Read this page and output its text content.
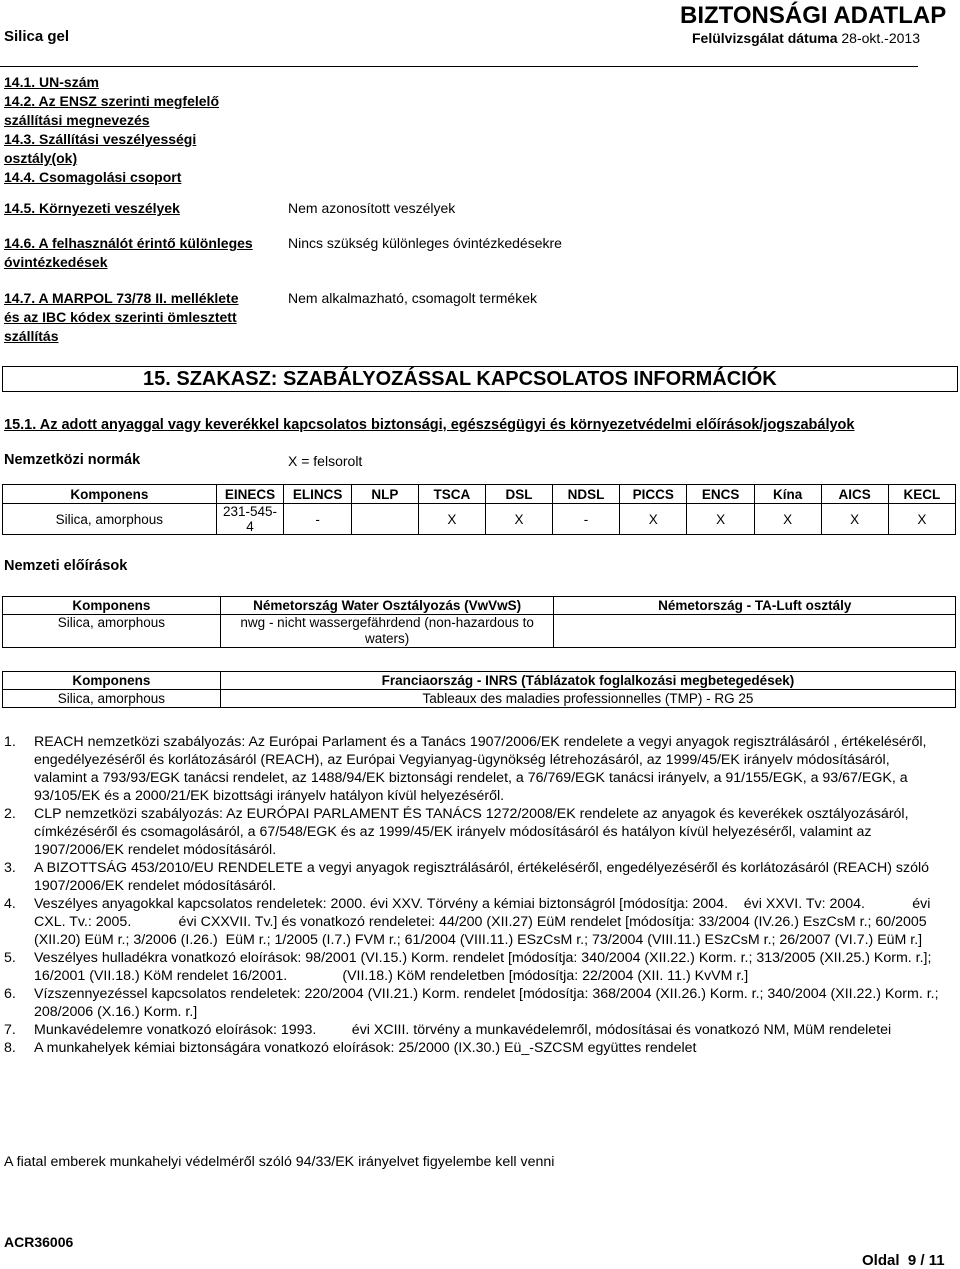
BIZTONSÁGI ADATLAP
Silica gel	Felülvizsgálat dátuma 28-okt.-2013
14.1. UN-szám
14.2. Az ENSZ szerinti megfelelő
szállítási megnevezés
14.3. Szállítási veszélyességi
osztály(ok)
14.4. Csomagolási csoport
14.5. Környezeti veszélyek	Nem azonosított veszélyek
14.6. A felhasználót érintő különleges
óvintézkedések
Nincs szükség különleges óvintézkedésekre
14.7. A MARPOL 73/78 II. melléklete
és az IBC kódex szerinti ömlesztett
szállítás
Nem alkalmazható, csomagolt termékek
15. SZAKASZ: SZABÁLYOZÁSSAL KAPCSOLATOS INFORMÁCIÓK
15.1. Az adott anyaggal vagy keverékkel kapcsolatos biztonsági, egészségügyi és környezetvédelmi előírások/jogszabályok
Nemzetközi normák	X = felsorolt
Komponens	EINECS	ELINCS	NLP	TSCA	DSL	NDSL	PICCS	ENCS	Kína	AICS	KECL
Silica, amorphous	231-545-4	-		X	X	-	X	X	X	X	X
Nemzeti előírások
Komponens	Németország Water Osztályozás (VwVwS)	Németország - TA-Luft osztály
Silica, amorphous	nwg - nicht wassergefährdend (non-hazardous to waters)	
Komponens	Franciaország - INRS (Táblázatok foglalkozási megbetegedések)
Silica, amorphous	Tableaux des maladies professionnelles (TMP) - RG 25
1.	REACH nemzetközi szabályozás: Az Európai Parlament és a Tanács 1907/2006/EK rendelete a vegyi anyagok regisztrálásáról , értékeléséről, engedélyezéséről és korlátozásáról (REACH), az Európai Vegyianyag-ügynökség létrehozásáról, az 1999/45/EK irányelv módosításáról, valamint a 793/93/EGK tanácsi rendelet, az 1488/94/EK biztonsági rendelet, a 76/769/EGK tanácsi irányelv, a 91/155/EGK, a 93/67/EGK, a 93/105/EK és a 2000/21/EK bizottsági irányelv hatályon kívül helyezéséről.
2.	CLP nemzetközi szabályozás: Az EURÓPAI PARLAMENT ÉS TANÁCS 1272/2008/EK rendelete az anyagok és keverékek osztályozásáról, címkézéséről és csomagolásáról, a 67/548/EGK és az 1999/45/EK irányelv módosításáról és hatályon kívül helyezéséről, valamint az 1907/2006/EK rendelet módosításáról.
3.	A BIZOTTSÁG 453/2010/EU RENDELETE a vegyi anyagok regisztrálásáról, értékeléséről, engedélyezéséről és korlátozásáról (REACH) szóló 1907/2006/EK rendelet módosításáról.
4.	Veszélyes anyagokkal kapcsolatos rendeletek: 2000. évi XXV. Törvény a kémiai biztonságról [módosítja: 2004.    évi XXVI. Tv: 2004.            évi CXL. Tv.: 2005.            évi CXXVII. Tv.] és vonatkozó rendeletei: 44/200 (XII.27) EüM rendelet [módosítja: 33/2004 (IV.26.) EszCsM r.; 60/2005 (XII.20) EüM r.; 3/2006 (I.26.)  EüM r.; 1/2005 (I.7.) FVM r.; 61/2004 (VIII.11.) ESzCsM r.; 73/2004 (VIII.11.) ESzCsM r.; 26/2007 (VI.7.) EüM r.]
5.	Veszélyes hulladékra vonatkozó eloírások: 98/2001 (VI.15.) Korm. rendelet [módosítja: 340/2004 (XII.22.) Korm. r.; 313/2005 (XII.25.) Korm. r.]; 16/2001 (VII.18.) KöM rendelet 16/2001.              (VII.18.) KöM rendeletben [módosítja: 22/2004 (XII. 11.) KvVM r.]
6.	Vízszennyezéssel kapcsolatos rendeletek: 220/2004 (VII.21.) Korm. rendelet [módosítja: 368/2004 (XII.26.) Korm. r.; 340/2004 (XII.22.) Korm. r.; 208/2006 (X.16.) Korm. r.]
7.	Munkavédelemre vonatkozó eloírások: 1993.         évi XCIII. törvény a munkavédelemről, módosításai és vonatkozó NM, MüM rendeletei
8.	A munkahelyek kémiai biztonságára vonatkozó eloírások: 25/2000 (IX.30.) Eü_-SZCSM együttes rendelet
A fiatal emberek munkahelyi védelméről szóló 94/33/EK irányelvet figyelembe kell venni
ACR36006
Oldal 9 / 11
